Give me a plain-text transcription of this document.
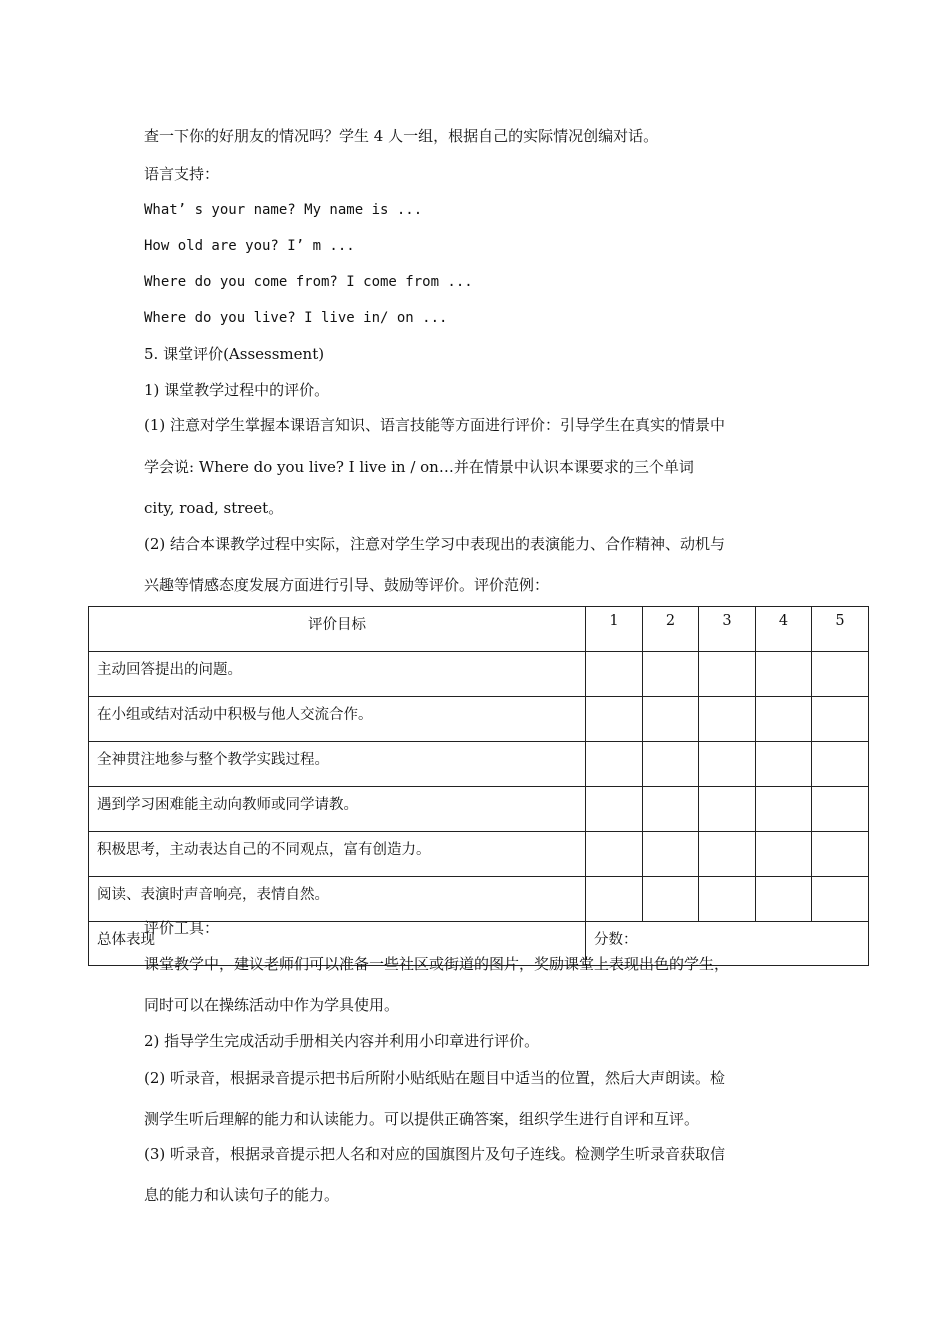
查一下你的好朋友的情况吗？学生 4 人一组，根据自己的实际情况创编对话。
语言支持：
What’ s your name? My name is ...
How old are you? I’ m ...
Where do you come from? I come from ...
Where do you live? I live in/ on ...
5. 课堂评价(Assessment)
1) 课堂教学过程中的评价。
(1) 注意对学生掌握本课语言知识、语言技能等方面进行评价：引导学生在真实的情景中
学会说: Where do you live? I live in / on…并在情景中认识本课要求的三个单词
city, road, street。
(2) 结合本课教学过程中实际，注意对学生学习中表现出的表演能力、合作精神、动机与
兴趣等情感态度发展方面进行引导、鼓励等评价。评价范例：
评价目标	1	2	3	4	5
主动回答提出的问题。					
在小组或结对活动中积极与他人交流合作。					
全神贯注地参与整个教学实践过程。					
遇到学习困难能主动向教师或同学请教。					
积极思考，主动表达自己的不同观点，富有创造力。					
阅读、表演时声音响亮，表情自然。					
总体表现	分数：				
评价工具：
课堂教学中，建议老师们可以准备一些社区或街道的图片，奖励课堂上表现出色的学生，
同时可以在操练活动中作为学具使用。
2) 指导学生完成活动手册相关内容并利用小印章进行评价。
(2) 听录音，根据录音提示把书后所附小贴纸贴在题目中适当的位置，然后大声朗读。检
测学生听后理解的能力和认读能力。可以提供正确答案，组织学生进行自评和互评。
(3) 听录音，根据录音提示把人名和对应的国旗图片及句子连线。检测学生听录音获取信
息的能力和认读句子的能力。
